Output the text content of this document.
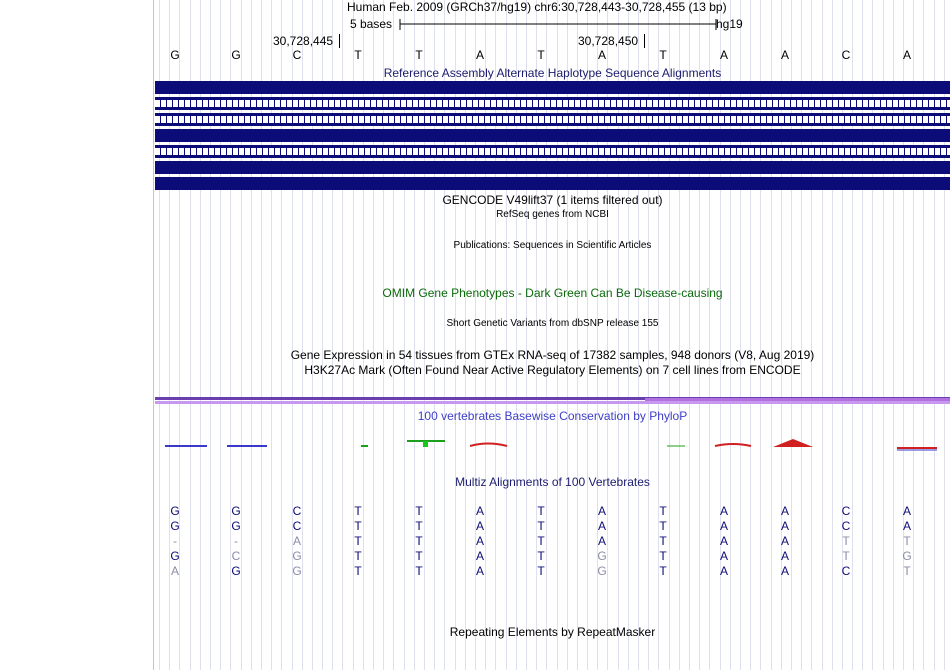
Human Feb. 2009 (GRCh37/hg19) chr6:30,728,443-30,728,455 (13 bp)
5 bases	hg19
30,728,445	30,728,450
G	G	C	T	T	A	T	A	T	A	A	C	A
Reference Assembly Alternate Haplotype Sequence Alignments
GENCODE V49lift37 (1 items filtered out)
RefSeq genes from NCBI
Publications: Sequences in Scientific Articles
OMIM Gene Phenotypes - Dark Green Can Be Disease-causing
Short Genetic Variants from dbSNP release 155
Gene Expression in 54 tissues from GTEx RNA-seq of 17382 samples, 948 donors (V8, Aug 2019)
H3K27Ac Mark (Often Found Near Active Regulatory Elements) on 7 cell lines from ENCODE
100 vertebrates Basewise Conservation by PhyloP
Multiz Alignments of 100 Vertebrates
G	G	C	T	T	A	T	A	T	A	A	C	A
G	G	C	T	T	A	T	A	T	A	A	C	A
-	-	A	T	T	A	T	A	T	A	A	T	T
G	C	G	T	T	A	T	G	T	A	A	T	G
A	G	G	T	T	A	T	G	T	A	A	C	T
Repeating Elements by RepeatMasker
